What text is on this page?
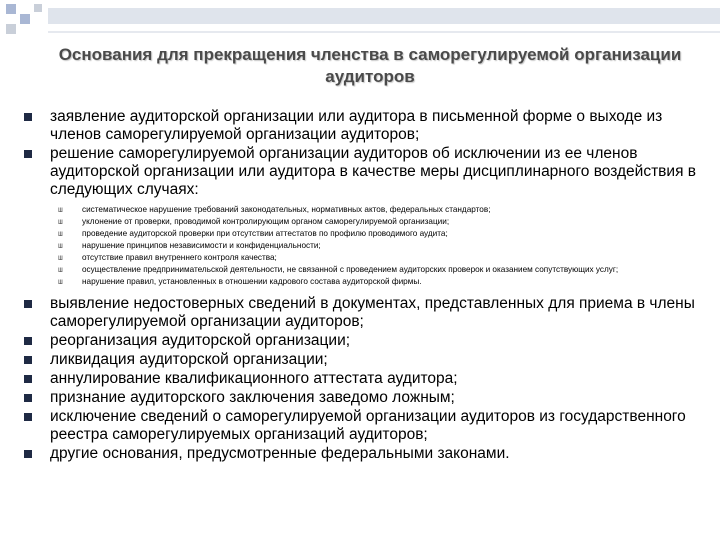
Основания для прекращения членства в саморегулируемой организации аудиторов
заявление аудиторской организации или аудитора в письменной форме о выходе из членов саморегулируемой организации аудиторов;
решение саморегулируемой организации аудиторов об исключении из ее членов аудиторской организации или аудитора в качестве меры дисциплинарного воздействия в следующих случаях:
ш систематическое нарушение требований законодательных, нормативных актов, федеральных стандартов;
ш уклонение от проверки, проводимой контролирующим органом саморегулируемой организации;
ш проведение аудиторской проверки при отсутствии аттестатов по профилю проводимого аудита;
ш нарушение принципов независимости и конфиденциальности;
ш отсутствие правил внутреннего контроля качества;
ш осуществление предпринимательской деятельности, не связанной с проведением аудиторских проверок и оказанием сопутствующих услуг;
ш нарушение правил, установленных в отношении кадрового состава аудиторской фирмы.
выявление недостоверных сведений в документах, представленных для приема в члены саморегулируемой организации аудиторов;
реорганизация аудиторской организации;
ликвидация аудиторской организации;
аннулирование квалификационного аттестата аудитора;
признание аудиторского заключения заведомо ложным;
исключение сведений о саморегулируемой организации аудиторов из государственного реестра саморегулируемых организаций аудиторов;
другие основания, предусмотренные федеральными законами.
